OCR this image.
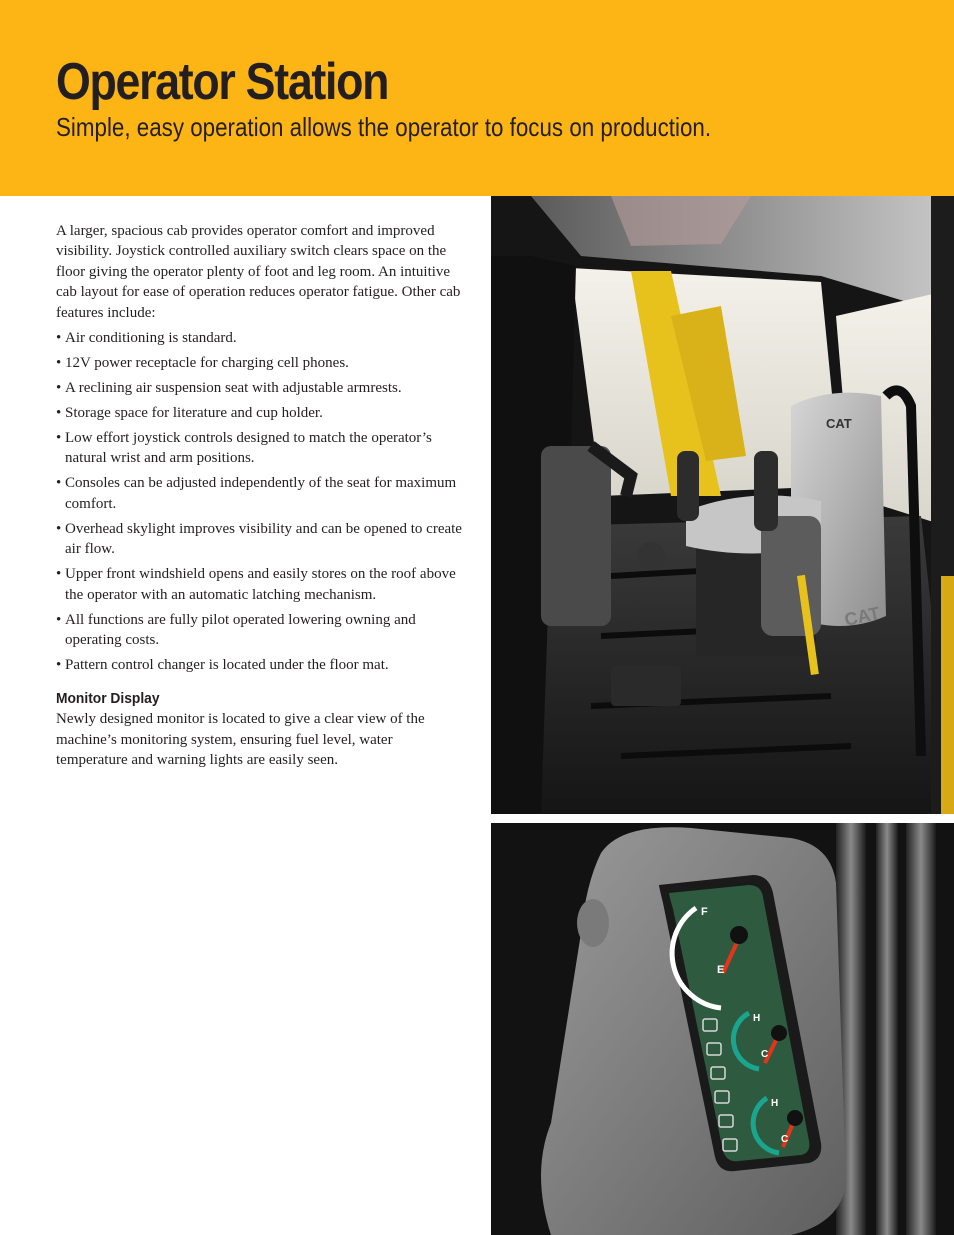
Operator Station

Simple, easy operation allows the operator to focus on production.

A larger, spacious cab provides operator comfort and improved visibility. Joystick controlled auxiliary switch clears space on the floor giving the operator plenty of foot and leg room. An intuitive cab layout for ease of operation reduces operator fatigue. Other cab features include:

• Air conditioning is standard.
• 12V power receptacle for charging cell phones.
• A reclining air suspension seat with adjustable armrests.
• Storage space for literature and cup holder.
• Low effort joystick controls designed to match the operator’s natural wrist and arm positions.
• Consoles can be adjusted independently of the seat for maximum comfort.
• Overhead skylight improves visibility and can be opened to create air flow.
• Upper front windshield opens and easily stores on the roof above the operator with an automatic latching mechanism.
• All functions are fully pilot operated lowering owning and operating costs.
• Pattern control changer is located under the floor mat.
Monitor Display

Newly designed monitor is located to give a clear view of the machine’s monitoring system, ensuring fuel level, water temperature and warning lights are easily seen.

CAT
CAT
F
E
H
C
H
C
